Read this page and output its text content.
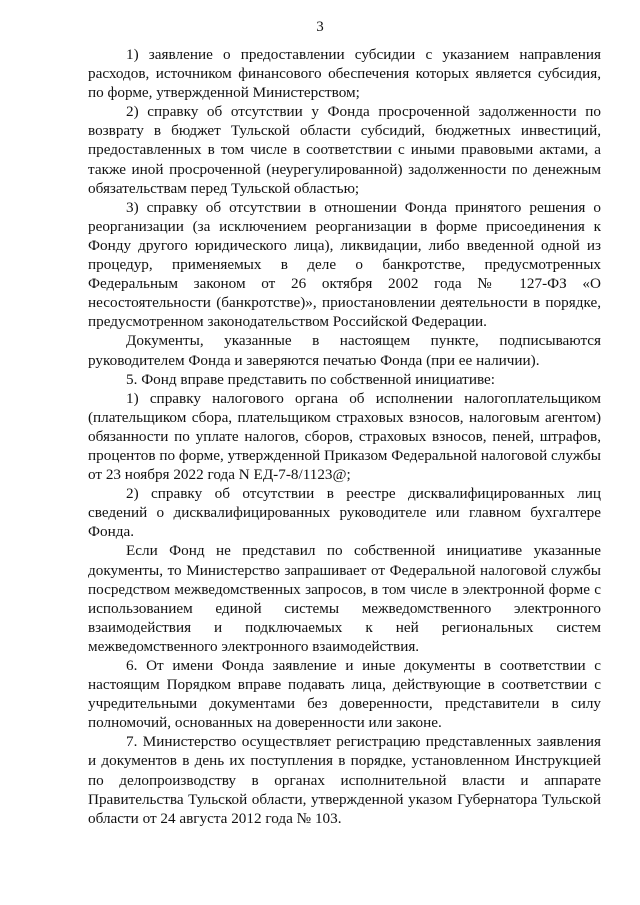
3

1) заявление о предоставлении субсидии с указанием направления расходов, источником финансового обеспечения которых является субсидия, по форме, утвержденной Министерством;

2) справку об отсутствии у Фонда просроченной задолженности по возврату в бюджет Тульской области субсидий, бюджетных инвестиций, предоставленных в том числе в соответствии с иными правовыми актами, а также иной просроченной (неурегулированной) задолженности по денежным обязательствам перед Тульской областью;

3) справку об отсутствии в отношении Фонда принятого решения о реорганизации (за исключением реорганизации в форме присоединения к Фонду другого юридического лица), ликвидации, либо введенной одной из процедур, применяемых в деле о банкротстве, предусмотренных Федеральным законом от 26 октября 2002 года № 127-ФЗ «О несостоятельности (банкротстве)», приостановлении деятельности в порядке, предусмотренном законодательством Российской Федерации.

Документы, указанные в настоящем пункте, подписываются руководителем Фонда и заверяются печатью Фонда (при ее наличии).

5. Фонд вправе представить по собственной инициативе:

1) справку налогового органа об исполнении налогоплательщиком (плательщиком сбора, плательщиком страховых взносов, налоговым агентом) обязанности по уплате налогов, сборов, страховых взносов, пеней, штрафов, процентов по форме, утвержденной Приказом Федеральной налоговой службы от 23 ноября 2022 года N ЕД-7-8/1123@;

2) справку об отсутствии в реестре дисквалифицированных лиц сведений о дисквалифицированных руководителе или главном бухгалтере Фонда.

Если Фонд не представил по собственной инициативе указанные документы, то Министерство запрашивает от Федеральной налоговой службы посредством межведомственных запросов, в том числе в электронной форме с использованием единой системы межведомственного электронного взаимодействия и подключаемых к ней региональных систем межведомственного электронного взаимодействия.

6. От имени Фонда заявление и иные документы в соответствии с настоящим Порядком вправе подавать лица, действующие в соответствии с учредительными документами без доверенности, представители в силу полномочий, основанных на доверенности или законе.

7. Министерство осуществляет регистрацию представленных заявления и документов в день их поступления в порядке, установленном Инструкцией по делопроизводству в органах исполнительной власти и аппарате Правительства Тульской области, утвержденной указом Губернатора Тульской области от 24 августа 2012 года № 103.
